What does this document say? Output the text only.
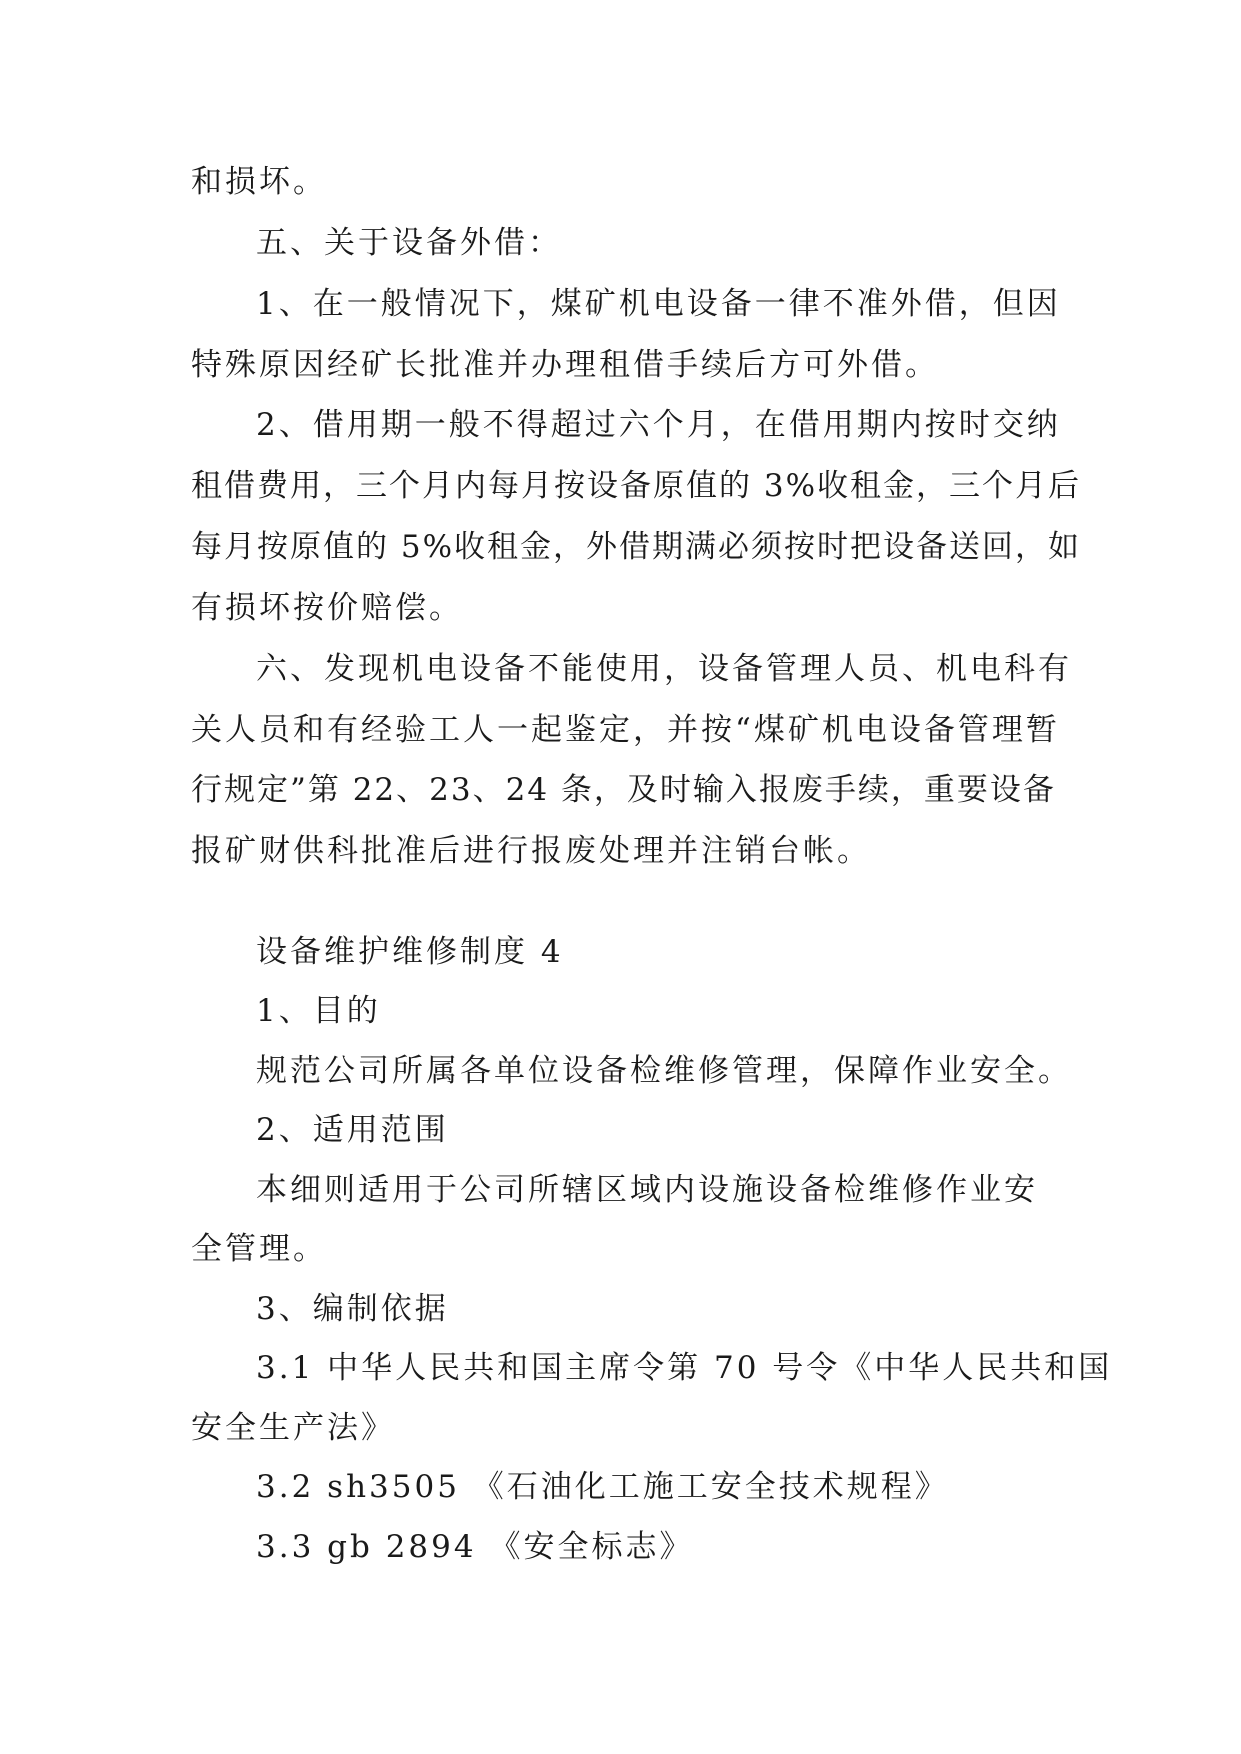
和损坏。
五、关于设备外借：
1、在一般情况下，煤矿机电设备一律不准外借，但因
特殊原因经矿长批准并办理租借手续后方可外借。
2、借用期一般不得超过六个月，在借用期内按时交纳
租借费用，三个月内每月按设备原值的 3%收租金，三个月后
每月按原值的 5%收租金，外借期满必须按时把设备送回，如
有损坏按价赔偿。
六、发现机电设备不能使用，设备管理人员、机电科有
关人员和有经验工人一起鉴定，并按“煤矿机电设备管理暂
行规定”第 22、23、24 条，及时输入报废手续，重要设备
报矿财供科批准后进行报废处理并注销台帐。
设备维护维修制度 4
1、目的
规范公司所属各单位设备检维修管理，保障作业安全。
2、适用范围
本细则适用于公司所辖区域内设施设备检维修作业安
全管理。
3、编制依据
3.1 中华人民共和国主席令第 70 号令《中华人民共和国
安全生产法》
3.2 sh3505 《石油化工施工安全技术规程》
3.3 gb 2894 《安全标志》
